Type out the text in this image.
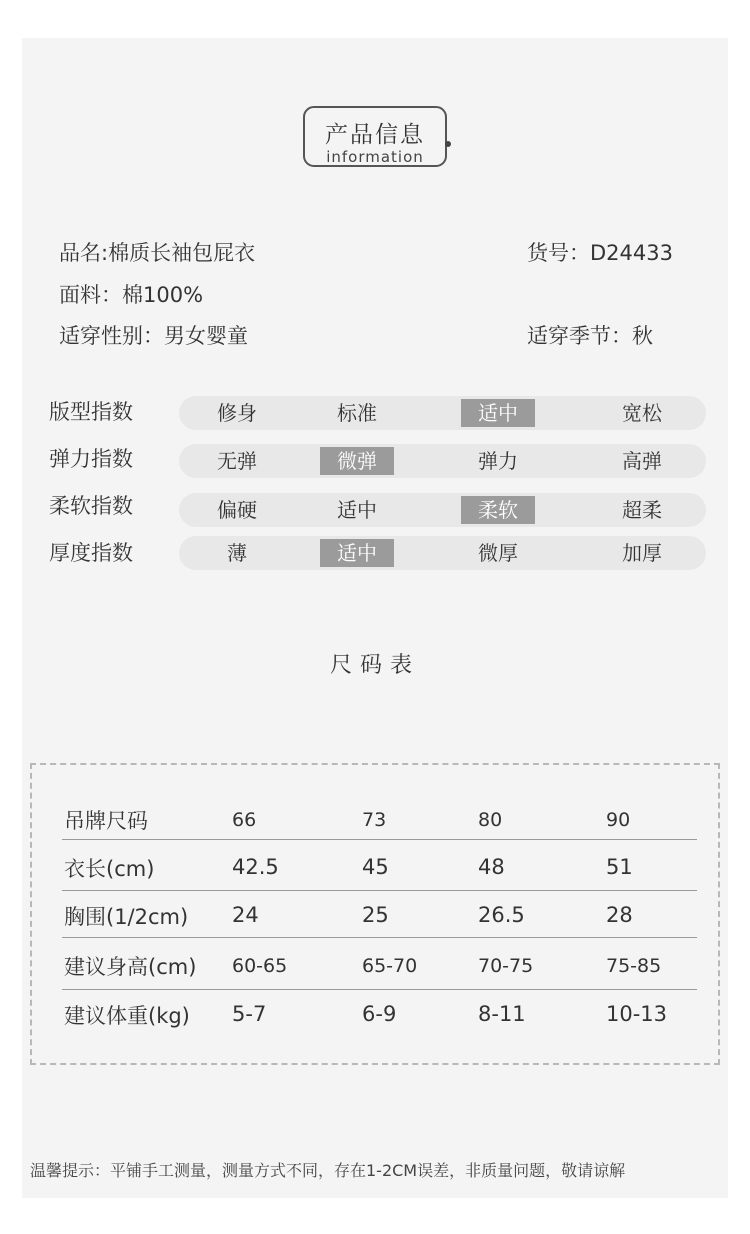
产品信息
information
品名:棉质长袖包屁衣	货号：D24433
面料：棉100%
适穿性别：男女婴童	适穿季节：秋
版型指数	修身	标准	适中	宽松
弹力指数	无弹	微弹	弹力	高弹
柔软指数	偏硬	适中	柔软	超柔
厚度指数	薄	适中	微厚	加厚
尺码表
吊牌尺码	66	73	80	90
衣长(cm)	42.5	45	48	51
胸围(1/2cm) 24	25	26.5	28
建议身高(cm) 60-65	65-70	70-75	75-85
建议体重(kg) 5-7	6-9	8-11	10-13
温馨提示：平铺手工测量，测量方式不同，存在1-2CM误差，非质量问题，敬请谅解
